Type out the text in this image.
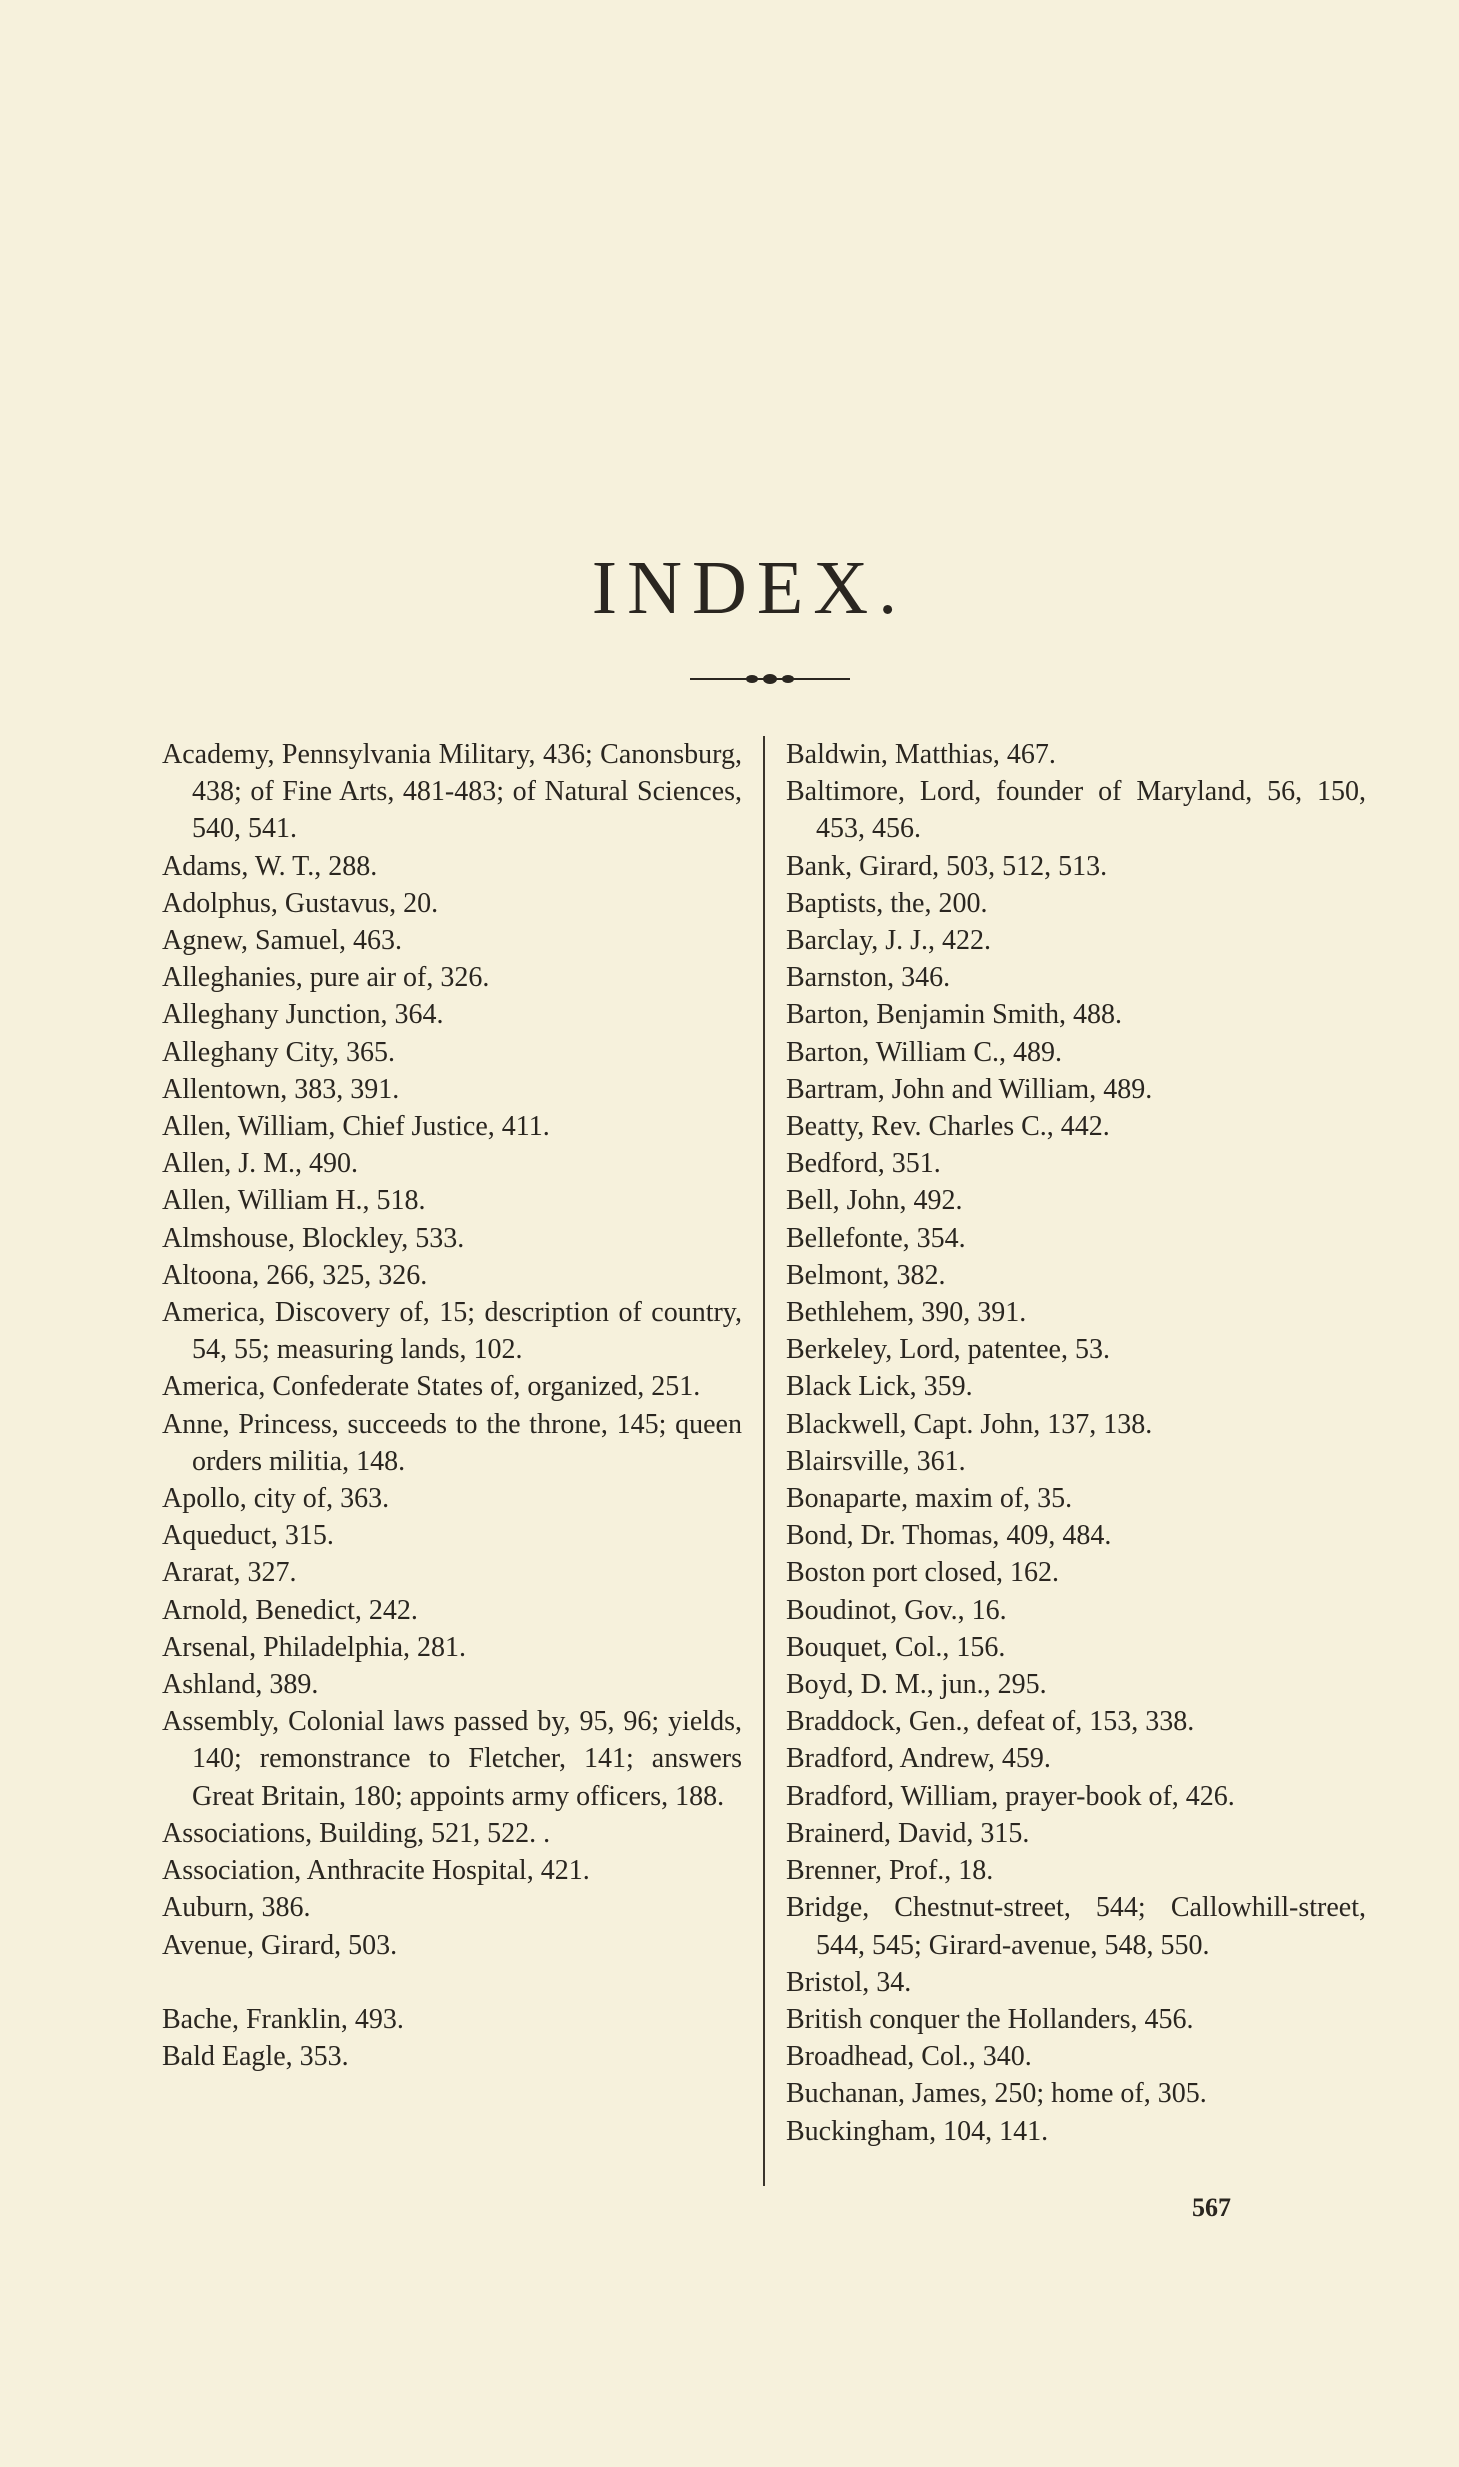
INDEX.
Academy, Pennsylvania Military, 436; Canonsburg, 438; of Fine Arts, 481-483; of Natural Sciences, 540, 541.
Adams, W. T., 288.
Adolphus, Gustavus, 20.
Agnew, Samuel, 463.
Alleghanies, pure air of, 326.
Alleghany Junction, 364.
Alleghany City, 365.
Allentown, 383, 391.
Allen, William, Chief Justice, 411.
Allen, J. M., 490.
Allen, William H., 518.
Almshouse, Blockley, 533.
Altoona, 266, 325, 326.
America, Discovery of, 15; description of country, 54, 55; measuring lands, 102.
America, Confederate States of, organized, 251.
Anne, Princess, succeeds to the throne, 145; queen orders militia, 148.
Apollo, city of, 363.
Aqueduct, 315.
Ararat, 327.
Arnold, Benedict, 242.
Arsenal, Philadelphia, 281.
Ashland, 389.
Assembly, Colonial laws passed by, 95, 96; yields, 140; remonstrance to Fletcher, 141; answers Great Britain, 180; appoints army officers, 188.
Associations, Building, 521, 522. .
Association, Anthracite Hospital, 421.
Auburn, 386.
Avenue, Girard, 503.
Bache, Franklin, 493.
Bald Eagle, 353.
Baldwin, Matthias, 467.
Baltimore, Lord, founder of Maryland, 56, 150, 453, 456.
Bank, Girard, 503, 512, 513.
Baptists, the, 200.
Barclay, J. J., 422.
Barnston, 346.
Barton, Benjamin Smith, 488.
Barton, William C., 489.
Bartram, John and William, 489.
Beatty, Rev. Charles C., 442.
Bedford, 351.
Bell, John, 492.
Bellefonte, 354.
Belmont, 382.
Bethlehem, 390, 391.
Berkeley, Lord, patentee, 53.
Black Lick, 359.
Blackwell, Capt. John, 137, 138.
Blairsville, 361.
Bonaparte, maxim of, 35.
Bond, Dr. Thomas, 409, 484.
Boston port closed, 162.
Boudinot, Gov., 16.
Bouquet, Col., 156.
Boyd, D. M., jun., 295.
Braddock, Gen., defeat of, 153, 338.
Bradford, Andrew, 459.
Bradford, William, prayer-book of, 426.
Brainerd, David, 315.
Brenner, Prof., 18.
Bridge, Chestnut-street, 544; Callowhill-street, 544, 545; Girard-avenue, 548, 550.
Bristol, 34.
British conquer the Hollanders, 456.
Broadhead, Col., 340.
Buchanan, James, 250; home of, 305.
Buckingham, 104, 141.
567
